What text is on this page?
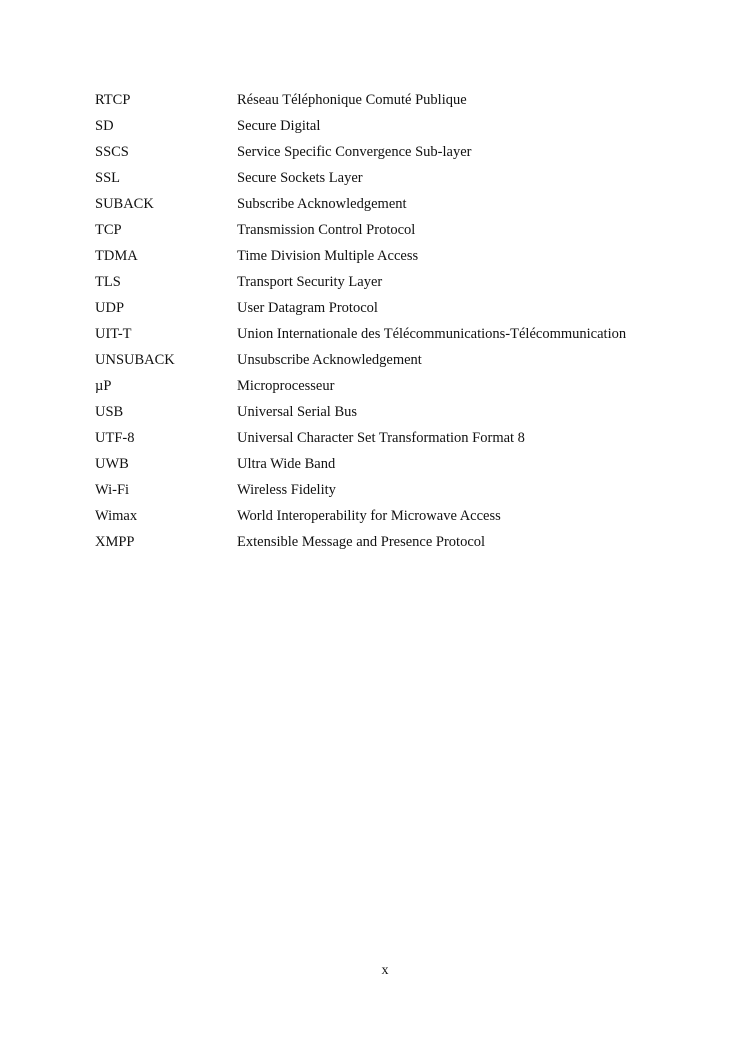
RTCP	Réseau Téléphonique Comuté Publique
SD	Secure Digital
SSCS	Service Specific Convergence Sub-layer
SSL	Secure Sockets Layer
SUBACK	Subscribe Acknowledgement
TCP	Transmission Control Protocol
TDMA	Time Division Multiple Access
TLS	Transport Security Layer
UDP	User Datagram Protocol
UIT-T	Union Internationale des Télécommunications-Télécommunication
UNSUBACK	Unsubscribe Acknowledgement
µP	Microprocesseur
USB	Universal Serial Bus
UTF-8	Universal Character Set Transformation Format 8
UWB	Ultra Wide Band
Wi-Fi	Wireless Fidelity
Wimax	World Interoperability for Microwave Access
XMPP	Extensible Message and Presence Protocol
x
